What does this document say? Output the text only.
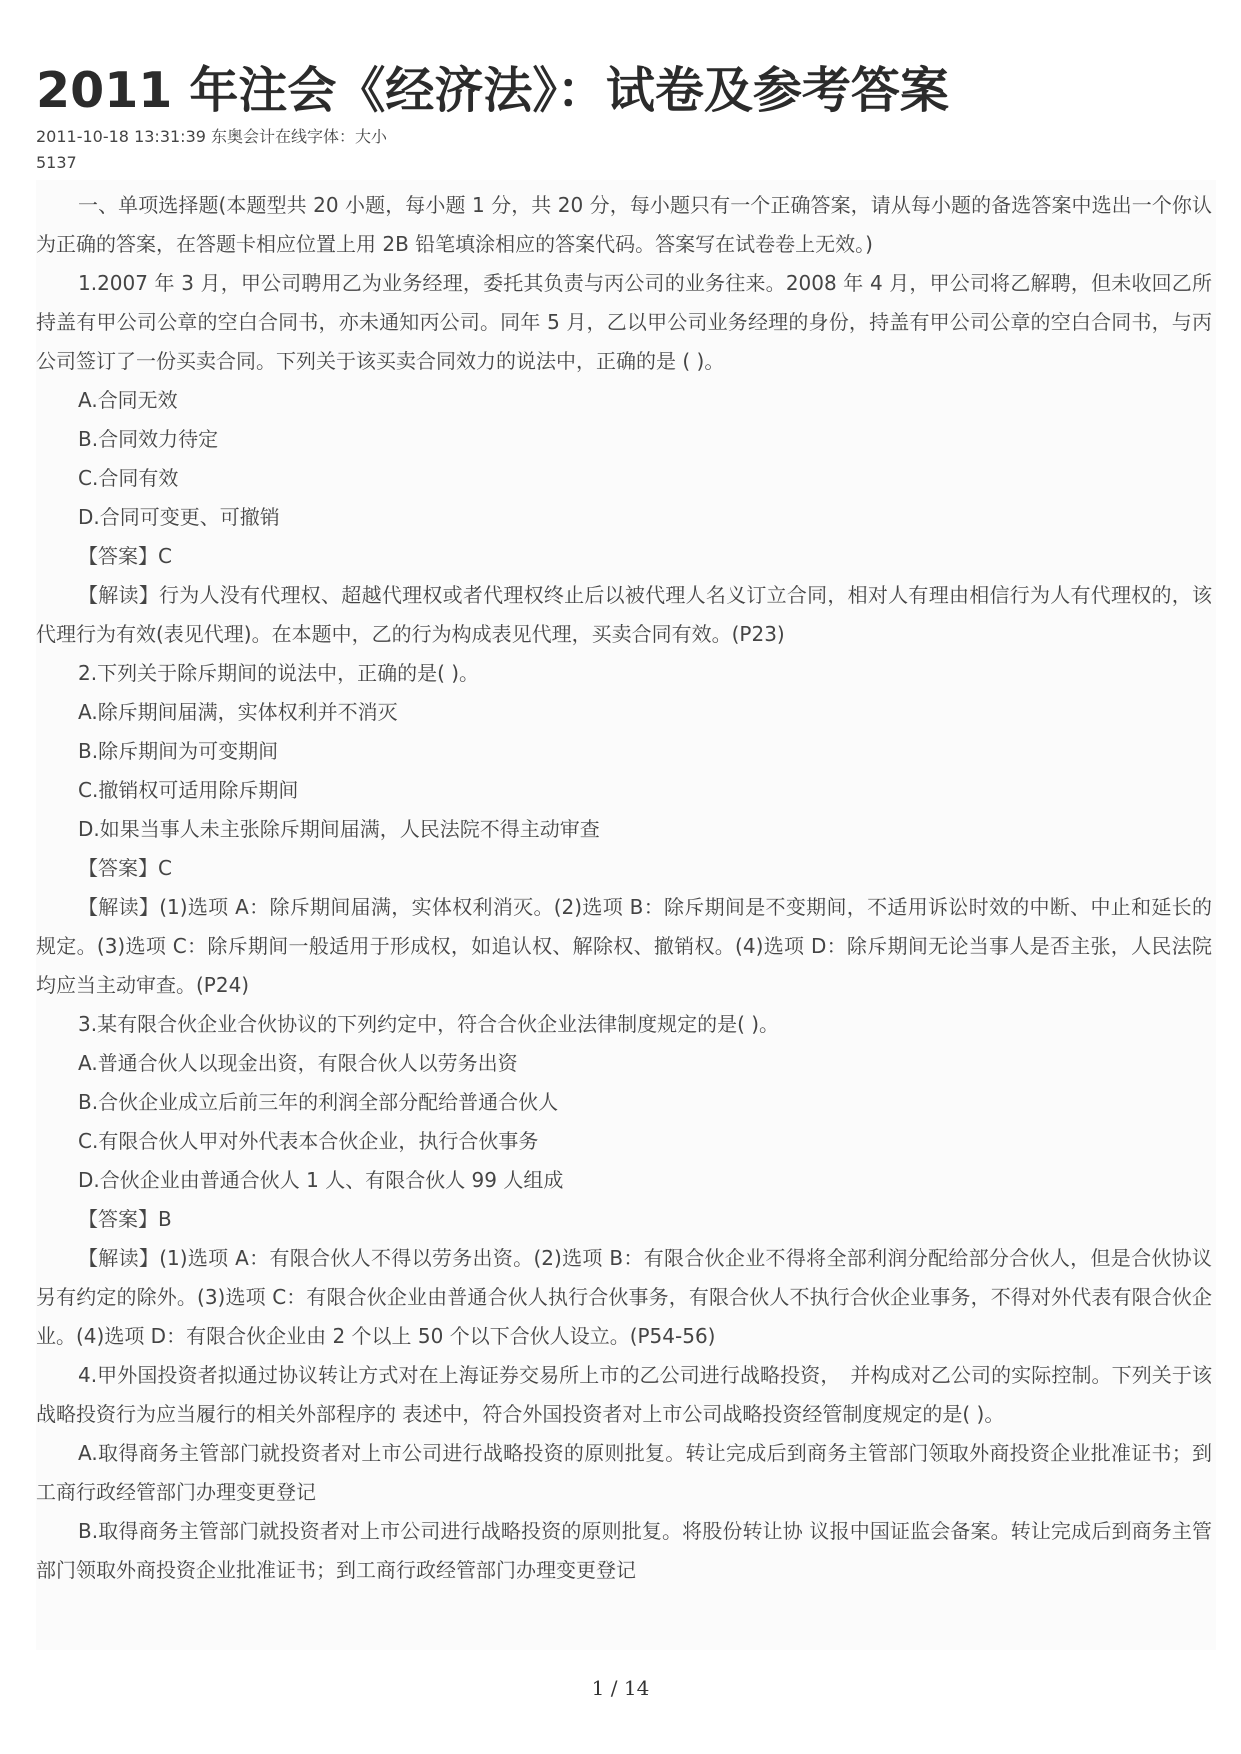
2011 年注会《经济法》：试卷及参考答案

2011-10-18 13:31:39 东奥会计在线字体：大小

5137

一、单项选择题(本题型共 20 小题，每小题 1 分，共 20 分，每小题只有一个正确答案，请从每小题的备选答案中选出一个你认为正确的答案，在答题卡相应位置上用 2B 铅笔填涂相应的答案代码。答案写在试卷卷上无效。)

1.2007 年 3 月，甲公司聘用乙为业务经理，委托其负责与丙公司的业务往来。2008 年 4 月，甲公司将乙解聘，但未收回乙所持盖有甲公司公章的空白合同书，亦未通知丙公司。同年 5 月，乙以甲公司业务经理的身份，持盖有甲公司公章的空白合同书，与丙公司签订了一份买卖合同。下列关于该买卖合同效力的说法中，正确的是 ( )。

A.合同无效

B.合同效力待定

C.合同有效

D.合同可变更、可撤销

【答案】C

【解读】行为人没有代理权、超越代理权或者代理权终止后以被代理人名义订立合同，相对人有理由相信行为人有代理权的，该代理行为有效(表见代理)。在本题中，乙的行为构成表见代理，买卖合同有效。(P23)

2.下列关于除斥期间的说法中，正确的是( )。

A.除斥期间届满，实体权利并不消灭

B.除斥期间为可变期间

C.撤销权可适用除斥期间

D.如果当事人未主张除斥期间届满，人民法院不得主动审查

【答案】C

【解读】(1)选项 A：除斥期间届满，实体权利消灭。(2)选项 B：除斥期间是不变期间，不适用诉讼时效的中断、中止和延长的规定。(3)选项 C：除斥期间一般适用于形成权，如追认权、解除权、撤销权。(4)选项 D：除斥期间无论当事人是否主张，人民法院均应当主动审查。(P24)

3.某有限合伙企业合伙协议的下列约定中，符合合伙企业法律制度规定的是( )。

A.普通合伙人以现金出资，有限合伙人以劳务出资

B.合伙企业成立后前三年的利润全部分配给普通合伙人

C.有限合伙人甲对外代表本合伙企业，执行合伙事务

D.合伙企业由普通合伙人 1 人、有限合伙人 99 人组成

【答案】B

【解读】(1)选项 A：有限合伙人不得以劳务出资。(2)选项 B：有限合伙企业不得将全部利润分配给部分合伙人，但是合伙协议另有约定的除外。(3)选项 C：有限合伙企业由普通合伙人执行合伙事务，有限合伙人不执行合伙企业事务，不得对外代表有限合伙企业。(4)选项 D：有限合伙企业由 2 个以上 50 个以下合伙人设立。(P54-56)

4.甲外国投资者拟通过协议转让方式对在上海证券交易所上市的乙公司进行战略投资，　并构成对乙公司的实际控制。下列关于该战略投资行为应当履行的相关外部程序的 表述中，符合外国投资者对上市公司战略投资经管制度规定的是( )。

A.取得商务主管部门就投资者对上市公司进行战略投资的原则批复。转让完成后到商务主管部门领取外商投资企业批准证书；到工商行政经管部门办理变更登记

B.取得商务主管部门就投资者对上市公司进行战略投资的原则批复。将股份转让协 议报中国证监会备案。转让完成后到商务主管部门领取外商投资企业批准证书；到工商行政经管部门办理变更登记

1 / 14
